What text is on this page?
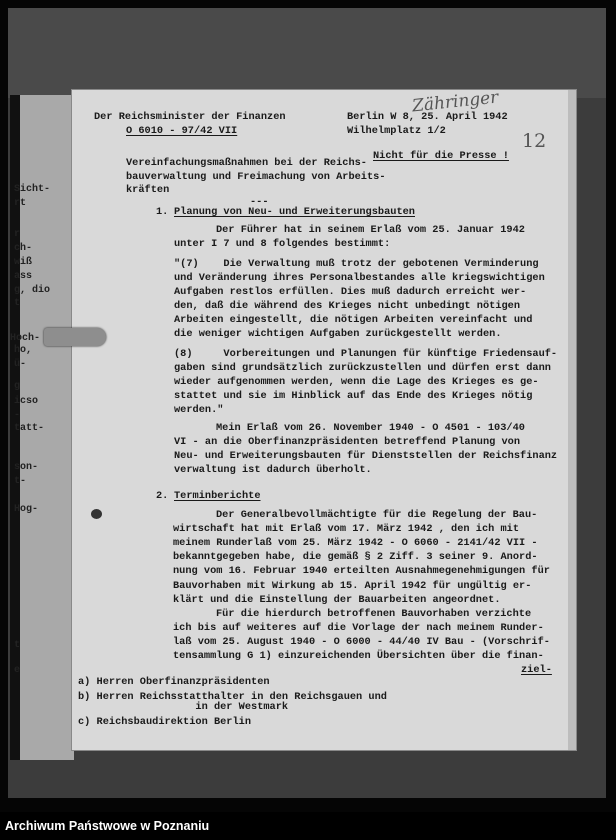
Sicht-
rt
r
ch-
wiß
ass
g, dio
t
Hoch-
ho,
ü-
g
icso
-
tatt-
son-
t-
Hog-
t
e
Der Reichsminister der Finanzen
O 6010 - 97/42 VII
Berlin W 8, 25. April 1942
Wilhelmplatz 1/2
Zähringer
12
Nicht für die Presse !
Vereinfachungsmaßnahmen bei der Reichs-
bauverwaltung und Freimachung von Arbeits-
kräften
---
1. Planung von Neu- und Erweiterungsbauten
Der Führer hat in seinem Erlaß vom 25. Januar 1942
unter I 7 und 8 folgendes bestimmt:
"(7)    Die Verwaltung muß trotz der gebotenen Verminderung
und Veränderung ihres Personalbestandes alle kriegswichtigen
Aufgaben restlos erfüllen. Dies muß dadurch erreicht wer-
den, daß die während des Krieges nicht unbedingt nötigen
Arbeiten eingestellt, die nötigen Arbeiten vereinfacht und
die weniger wichtigen Aufgaben zurückgestellt werden.
(8)     Vorbereitungen und Planungen für künftige Friedensauf-
gaben sind grundsätzlich zurückzustellen und dürfen erst dann
wieder aufgenommen werden, wenn die Lage des Krieges es ge-
stattet und sie im Hinblick auf das Ende des Krieges nötig
werden."
Mein Erlaß vom 26. November 1940 - O 4501 - 103/40
VI - an die Oberfinanzpräsidenten betreffend Planung von
Neu- und Erweiterungsbauten für Dienststellen der Reichsfinanz
verwaltung ist dadurch überholt.
2. Terminberichte
Der Generalbevollmächtigte für die Regelung der Bau-
wirtschaft hat mit Erlaß vom 17. März 1942 , den ich mit
meinem Runderlaß vom 25. März 1942 - O 6060 - 2141/42 VII -
bekanntgegeben habe, die gemäß § 2 Ziff. 3 seiner 9. Anord-
nung vom 16. Februar 1940 erteilten Ausnahmegenehmigungen für
Bauvorhaben mit Wirkung ab 15. April 1942 für ungültig er-
klärt und die Einstellung der Bauarbeiten angeordnet.
Für die hierdurch betroffenen Bauvorhaben verzichte
ich bis auf weiteres auf die Vorlage der nach meinem Runder-
laß vom 25. August 1940 - O 6000 - 44/40 IV Bau - (Vorschrif-
tensammlung G 1) einzureichenden Übersichten über die finan-
ziel-
a) Herren Oberfinanzpräsidenten
b) Herren Reichsstatthalter in den Reichsgauen und
in der Westmark
c) Reichsbaudirektion Berlin
Archiwum Państwowe w Poznaniu
